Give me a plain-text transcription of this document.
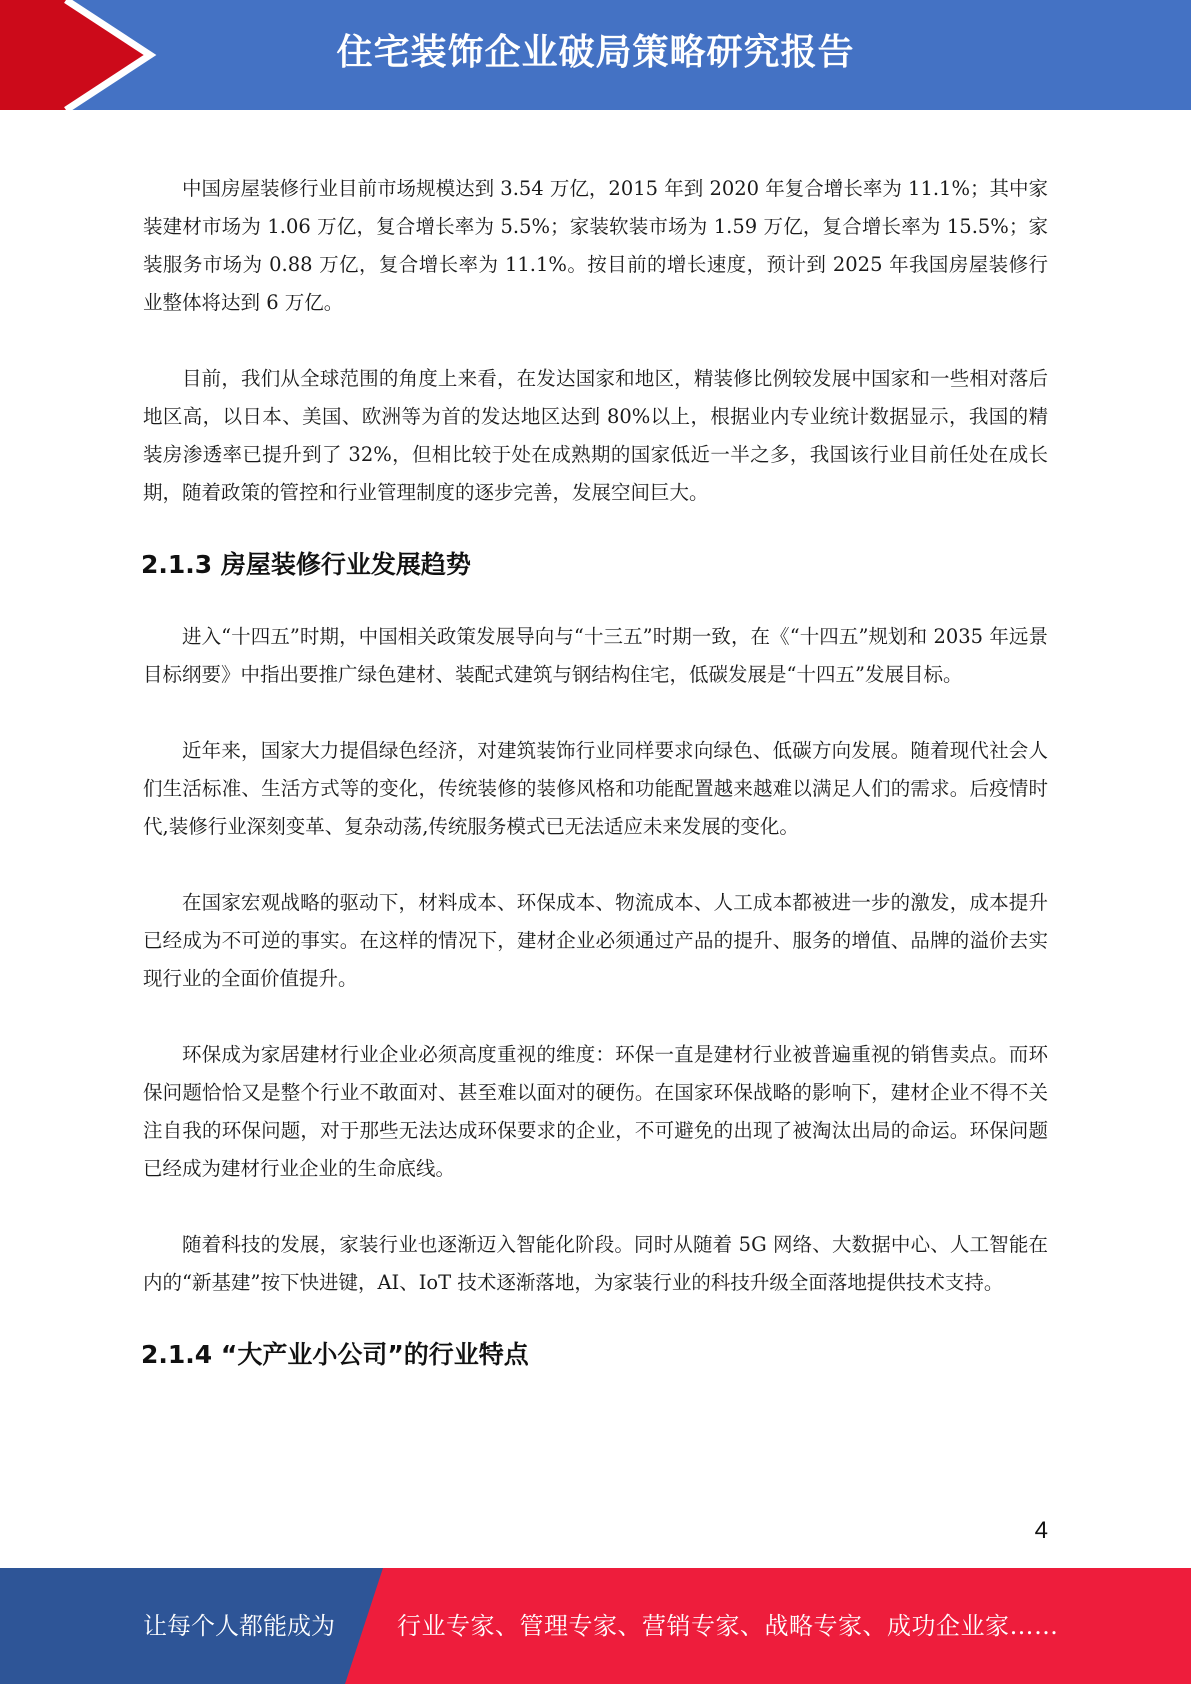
住宅装饰企业破局策略研究报告

中国房屋装修行业目前市场规模达到 3.54 万亿，2015 年到 2020 年复合增长率为 11.1%；其中家装建材市场为 1.06 万亿，复合增长率为 5.5%；家装软装市场为 1.59 万亿，复合增长率为 15.5%；家装服务市场为 0.88 万亿，复合增长率为 11.1%。按目前的增长速度，预计到 2025 年我国房屋装修行业整体将达到 6 万亿。

目前，我们从全球范围的角度上来看，在发达国家和地区，精装修比例较发展中国家和一些相对落后地区高，以日本、美国、欧洲等为首的发达地区达到 80%以上，根据业内专业统计数据显示，我国的精装房渗透率已提升到了 32%，但相比较于处在成熟期的国家低近一半之多，我国该行业目前任处在成长期，随着政策的管控和行业管理制度的逐步完善，发展空间巨大。

2.1.3 房屋装修行业发展趋势

进入“十四五”时期，中国相关政策发展导向与“十三五”时期一致，在《“十四五”规划和 2035 年远景目标纲要》中指出要推广绿色建材、装配式建筑与钢结构住宅，低碳发展是“十四五”发展目标。

近年来，国家大力提倡绿色经济，对建筑装饰行业同样要求向绿色、低碳方向发展。随着现代社会人们生活标准、生活方式等的变化，传统装修的装修风格和功能配置越来越难以满足人们的需求。后疫情时代,装修行业深刻变革、复杂动荡,传统服务模式已无法适应未来发展的变化。

在国家宏观战略的驱动下，材料成本、环保成本、物流成本、人工成本都被进一步的激发，成本提升已经成为不可逆的事实。在这样的情况下，建材企业必须通过产品的提升、服务的增值、品牌的溢价去实现行业的全面价值提升。

环保成为家居建材行业企业必须高度重视的维度：环保一直是建材行业被普遍重视的销售卖点。而环保问题恰恰又是整个行业不敢面对、甚至难以面对的硬伤。在国家环保战略的影响下，建材企业不得不关注自我的环保问题，对于那些无法达成环保要求的企业，不可避免的出现了被淘汰出局的命运。环保问题已经成为建材行业企业的生命底线。

随着科技的发展，家装行业也逐渐迈入智能化阶段。同时从随着 5G 网络、大数据中心、人工智能在内的“新基建”按下快进键，AI、IoT 技术逐渐落地，为家装行业的科技升级全面落地提供技术支持。

2.1.4 “大产业小公司”的行业特点
4
让每个人都能成为	行业专家、管理专家、营销专家、战略专家、成功企业家……
